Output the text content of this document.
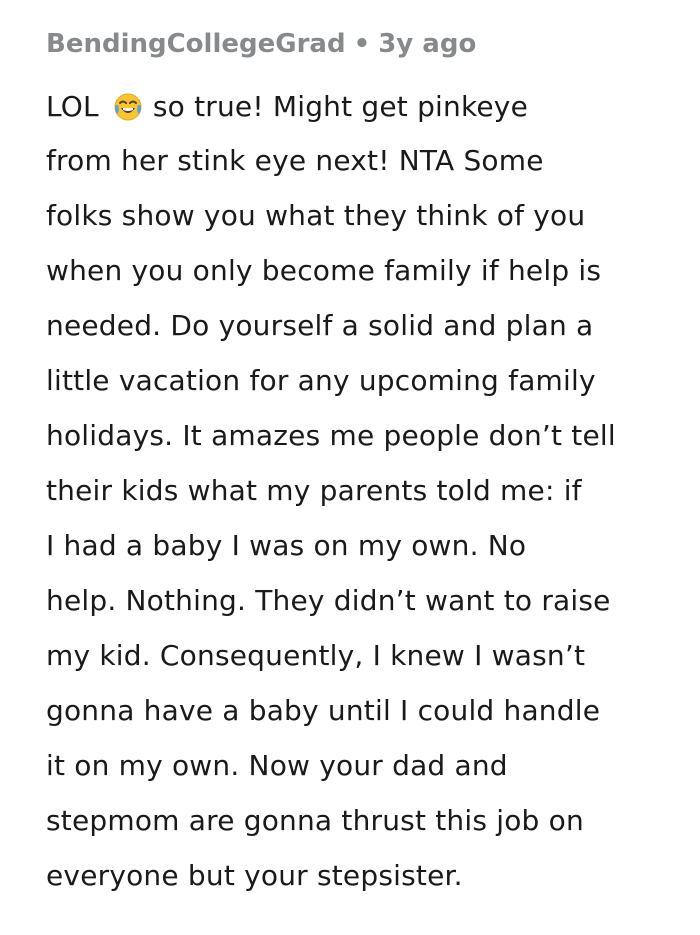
BendingCollegeGrad • 3y ago
LOL so true! Might get pinkeye
from her stink eye next! NTA Some
folks show you what they think of you
when you only become family if help is
needed. Do yourself a solid and plan a
little vacation for any upcoming family
holidays. It amazes me people don’t tell
their kids what my parents told me: if
I had a baby I was on my own. No
help. Nothing. They didn’t want to raise
my kid. Consequently, I knew I wasn’t
gonna have a baby until I could handle
it on my own. Now your dad and
stepmom are gonna thrust this job on
everyone but your stepsister.
